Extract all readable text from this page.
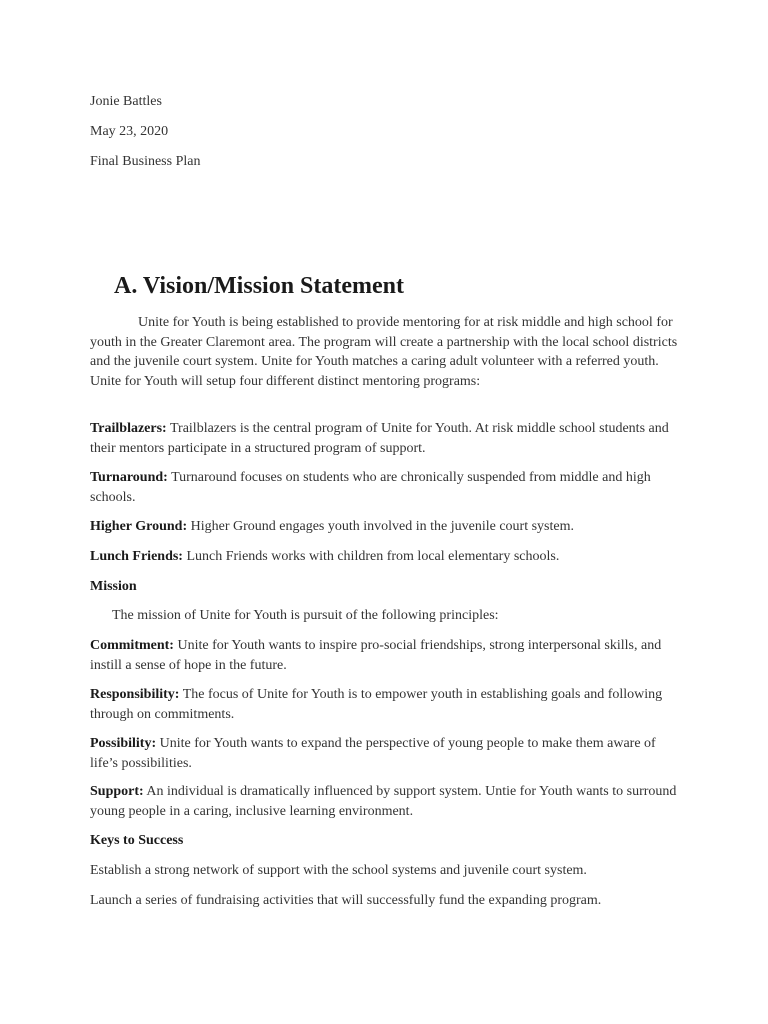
Jonie Battles
May 23, 2020
Final Business Plan
A. Vision/Mission Statement
Unite for Youth is being established to provide mentoring for at risk middle and high school for youth in the Greater Claremont area. The program will create a partnership with the local school districts and the juvenile court system. Unite for Youth matches a caring adult volunteer with a referred youth. Unite for Youth will setup four different distinct mentoring programs:
Trailblazers: Trailblazers is the central program of Unite for Youth. At risk middle school students and their mentors participate in a structured program of support.
Turnaround: Turnaround focuses on students who are chronically suspended from middle and high schools.
Higher Ground: Higher Ground engages youth involved in the juvenile court system.
Lunch Friends: Lunch Friends works with children from local elementary schools.
Mission
The mission of Unite for Youth is pursuit of the following principles:
Commitment: Unite for Youth wants to inspire pro-social friendships, strong interpersonal skills, and instill a sense of hope in the future.
Responsibility: The focus of Unite for Youth is to empower youth in establishing goals and following through on commitments.
Possibility: Unite for Youth wants to expand the perspective of young people to make them aware of life’s possibilities.
Support: An individual is dramatically influenced by support system. Untie for Youth wants to surround young people in a caring, inclusive learning environment.
Keys to Success
Establish a strong network of support with the school systems and juvenile court system.
Launch a series of fundraising activities that will successfully fund the expanding program.
